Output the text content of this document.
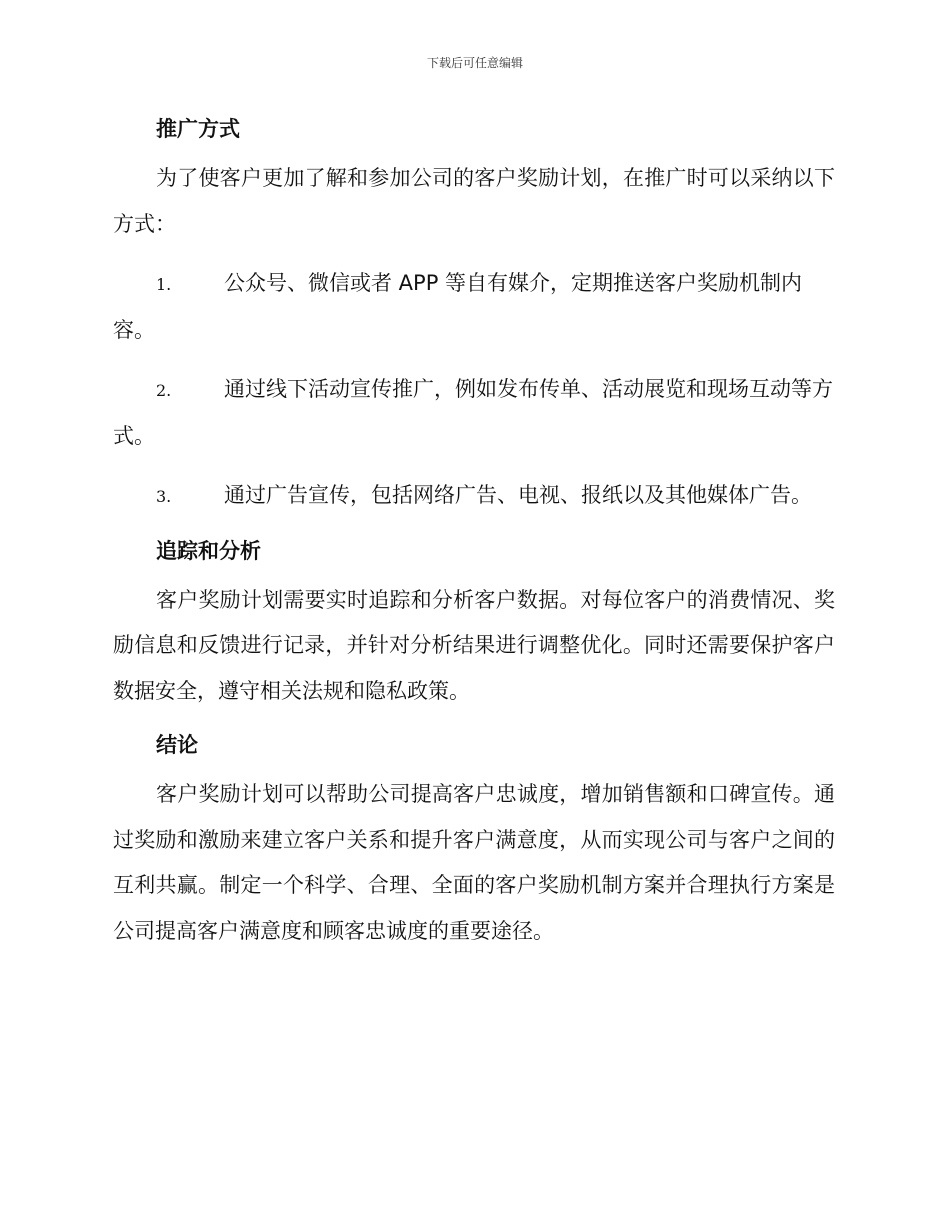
下载后可任意编辑
推广方式

为了使客户更加了解和参加公司的客户奖励计划，在推广时可以采纳以下方式：

1.	公众号、微信或者 APP 等自有媒介，定期推送客户奖励机制内容。

2.	通过线下活动宣传推广，例如发布传单、活动展览和现场互动等方式。

3.	通过广告宣传，包括网络广告、电视、报纸以及其他媒体广告。

追踪和分析

客户奖励计划需要实时追踪和分析客户数据。对每位客户的消费情况、奖励信息和反馈进行记录，并针对分析结果进行调整优化。同时还需要保护客户数据安全，遵守相关法规和隐私政策。

结论

客户奖励计划可以帮助公司提高客户忠诚度，增加销售额和口碑宣传。通过奖励和激励来建立客户关系和提升客户满意度，从而实现公司与客户之间的互利共赢。制定一个科学、合理、全面的客户奖励机制方案并合理执行方案是公司提高客户满意度和顾客忠诚度的重要途径。
